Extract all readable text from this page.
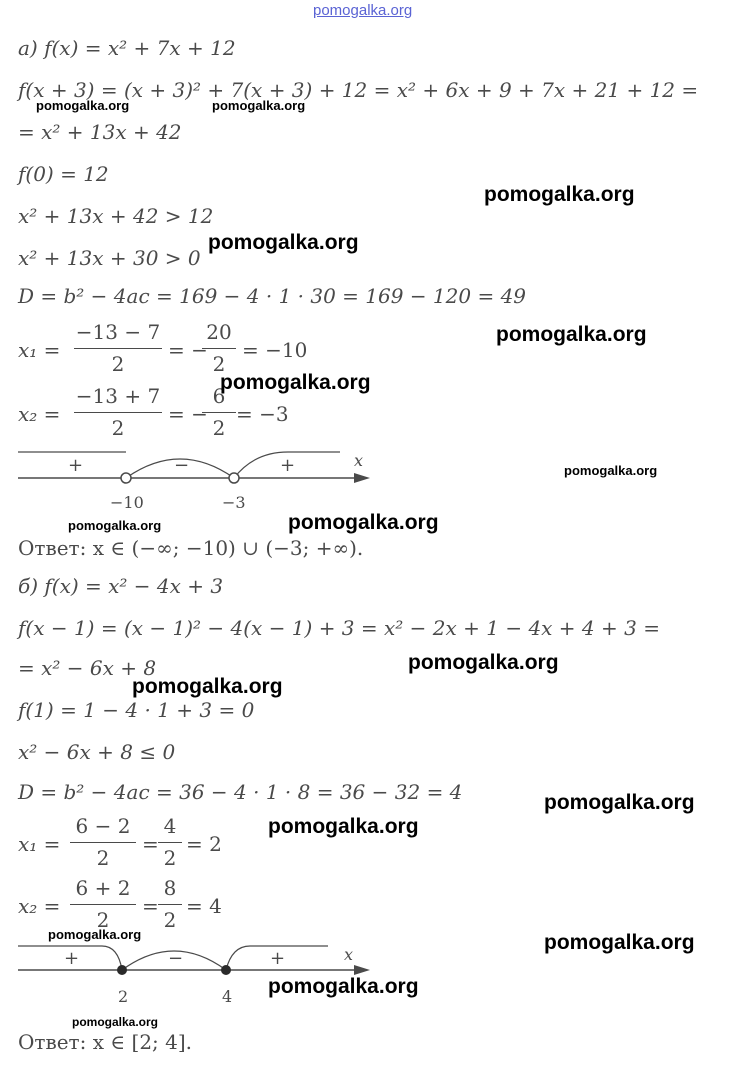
pomogalka.org
а) f(x) = x² + 7x + 12
f(x + 3) = (x + 3)² + 7(x + 3) + 12 = x² + 6x + 9 + 7x + 21 + 12 =
= x² + 13x + 42
f(0) = 12
x² + 13x + 42 > 12
x² + 13x + 30 > 0
D = b² − 4ac = 169 − 4 · 1 · 30 = 169 − 120 = 49
x₁ =
−13 − 7
2
= −
20
2
= −10
x₂ =
−13 + 7
2
= −
6
2
= −3
+	−	+	x
−10	−3
Ответ: x ∈ (−∞; −10) ∪ (−3; +∞).
б) f(x) = x² − 4x + 3
f(x − 1) = (x − 1)² − 4(x − 1) + 3 = x² − 2x + 1 − 4x + 4 + 3 =
= x² − 6x + 8
f(1) = 1 − 4 · 1 + 3 = 0
x² − 6x + 8 ≤ 0
D = b² − 4ac = 36 − 4 · 1 · 8 = 36 − 32 = 4
x₁ =
6 − 2
2
=
4
2
= 2
x₂ =
6 + 2
2
=
8
2
= 4
+	−	+	x
2	4
Ответ: x ∈ [2; 4].
pomogalka.org	pomogalka.org
pomogalka.org
pomogalka.org
pomogalka.org
pomogalka.org
pomogalka.org
pomogalka.org	pomogalka.org
pomogalka.org
pomogalka.org
pomogalka.org
pomogalka.org
pomogalka.org	pomogalka.org
pomogalka.org
pomogalka.org
